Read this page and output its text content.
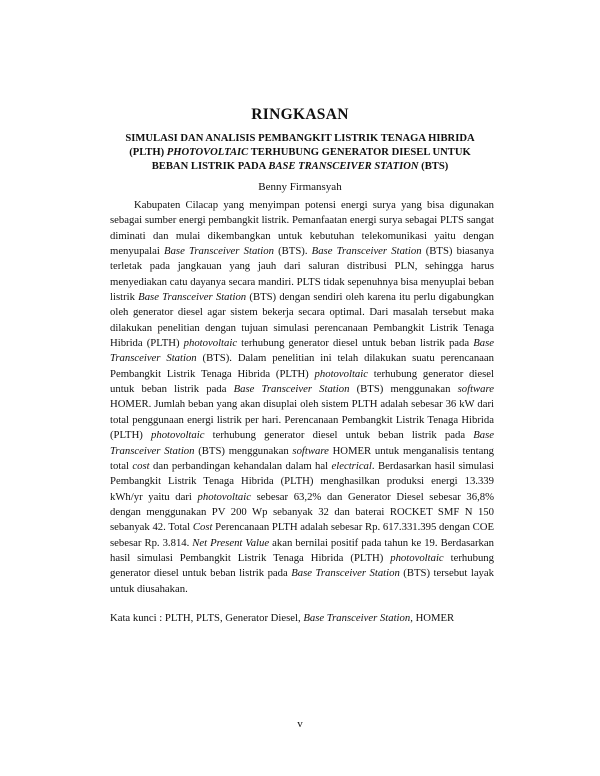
RINGKASAN
SIMULASI DAN ANALISIS PEMBANGKIT LISTRIK TENAGA HIBRIDA
(PLTH) PHOTOVOLTAIC TERHUBUNG GENERATOR DIESEL UNTUK
BEBAN LISTRIK PADA BASE TRANSCEIVER STATION (BTS)
Benny Firmansyah

Kabupaten Cilacap yang menyimpan potensi energi surya yang bisa digunakan sebagai sumber energi pembangkit listrik. Pemanfaatan energi surya sebagai PLTS sangat diminati dan mulai dikembangkan untuk kebutuhan telekomunikasi yaitu dengan menyupalai Base Transceiver Station (BTS). Base Transceiver Station (BTS) biasanya terletak pada jangkauan yang jauh dari saluran distribusi PLN, sehingga harus menyediakan catu dayanya secara mandiri. PLTS tidak sepenuhnya bisa menyuplai beban listrik Base Transceiver Station (BTS) dengan sendiri oleh karena itu perlu digabungkan oleh generator diesel agar sistem bekerja secara optimal. Dari masalah tersebut maka dilakukan penelitian dengan tujuan simulasi perencanaan Pembangkit Listrik Tenaga Hibrida (PLTH) photovoltaic terhubung generator diesel untuk beban listrik pada Base Transceiver Station (BTS). Dalam penelitian ini telah dilakukan suatu perencanaan Pembangkit Listrik Tenaga Hibrida (PLTH) photovoltaic terhubung generator diesel untuk beban listrik pada Base Transceiver Station (BTS) menggunakan software HOMER. Jumlah beban yang akan disuplai oleh sistem PLTH adalah sebesar 36 kW dari total penggunaan energi listrik per hari. Perencanaan Pembangkit Listrik Tenaga Hibrida (PLTH) photovoltaic terhubung generator diesel untuk beban listrik pada Base Transceiver Station (BTS) menggunakan software HOMER untuk menganalisis tentang total cost dan perbandingan kehandalan dalam hal electrical. Berdasarkan hasil simulasi Pembangkit Listrik Tenaga Hibrida (PLTH) menghasilkan produksi energi 13.339 kWh/yr yaitu dari photovoltaic sebesar 63,2% dan Generator Diesel sebesar 36,8% dengan menggunakan PV 200 Wp sebanyak 32 dan baterai ROCKET SMF N 150 sebanyak 42. Total Cost Perencanaan PLTH adalah sebesar Rp. 617.331.395 dengan COE sebesar Rp. 3.814. Net Present Value akan bernilai positif pada tahun ke 19. Berdasarkan hasil simulasi Pembangkit Listrik Tenaga Hibrida (PLTH) photovoltaic terhubung generator diesel untuk beban listrik pada Base Transceiver Station (BTS) tersebut layak untuk diusahakan.

Kata kunci : PLTH, PLTS, Generator Diesel, Base Transceiver Station, HOMER

v
